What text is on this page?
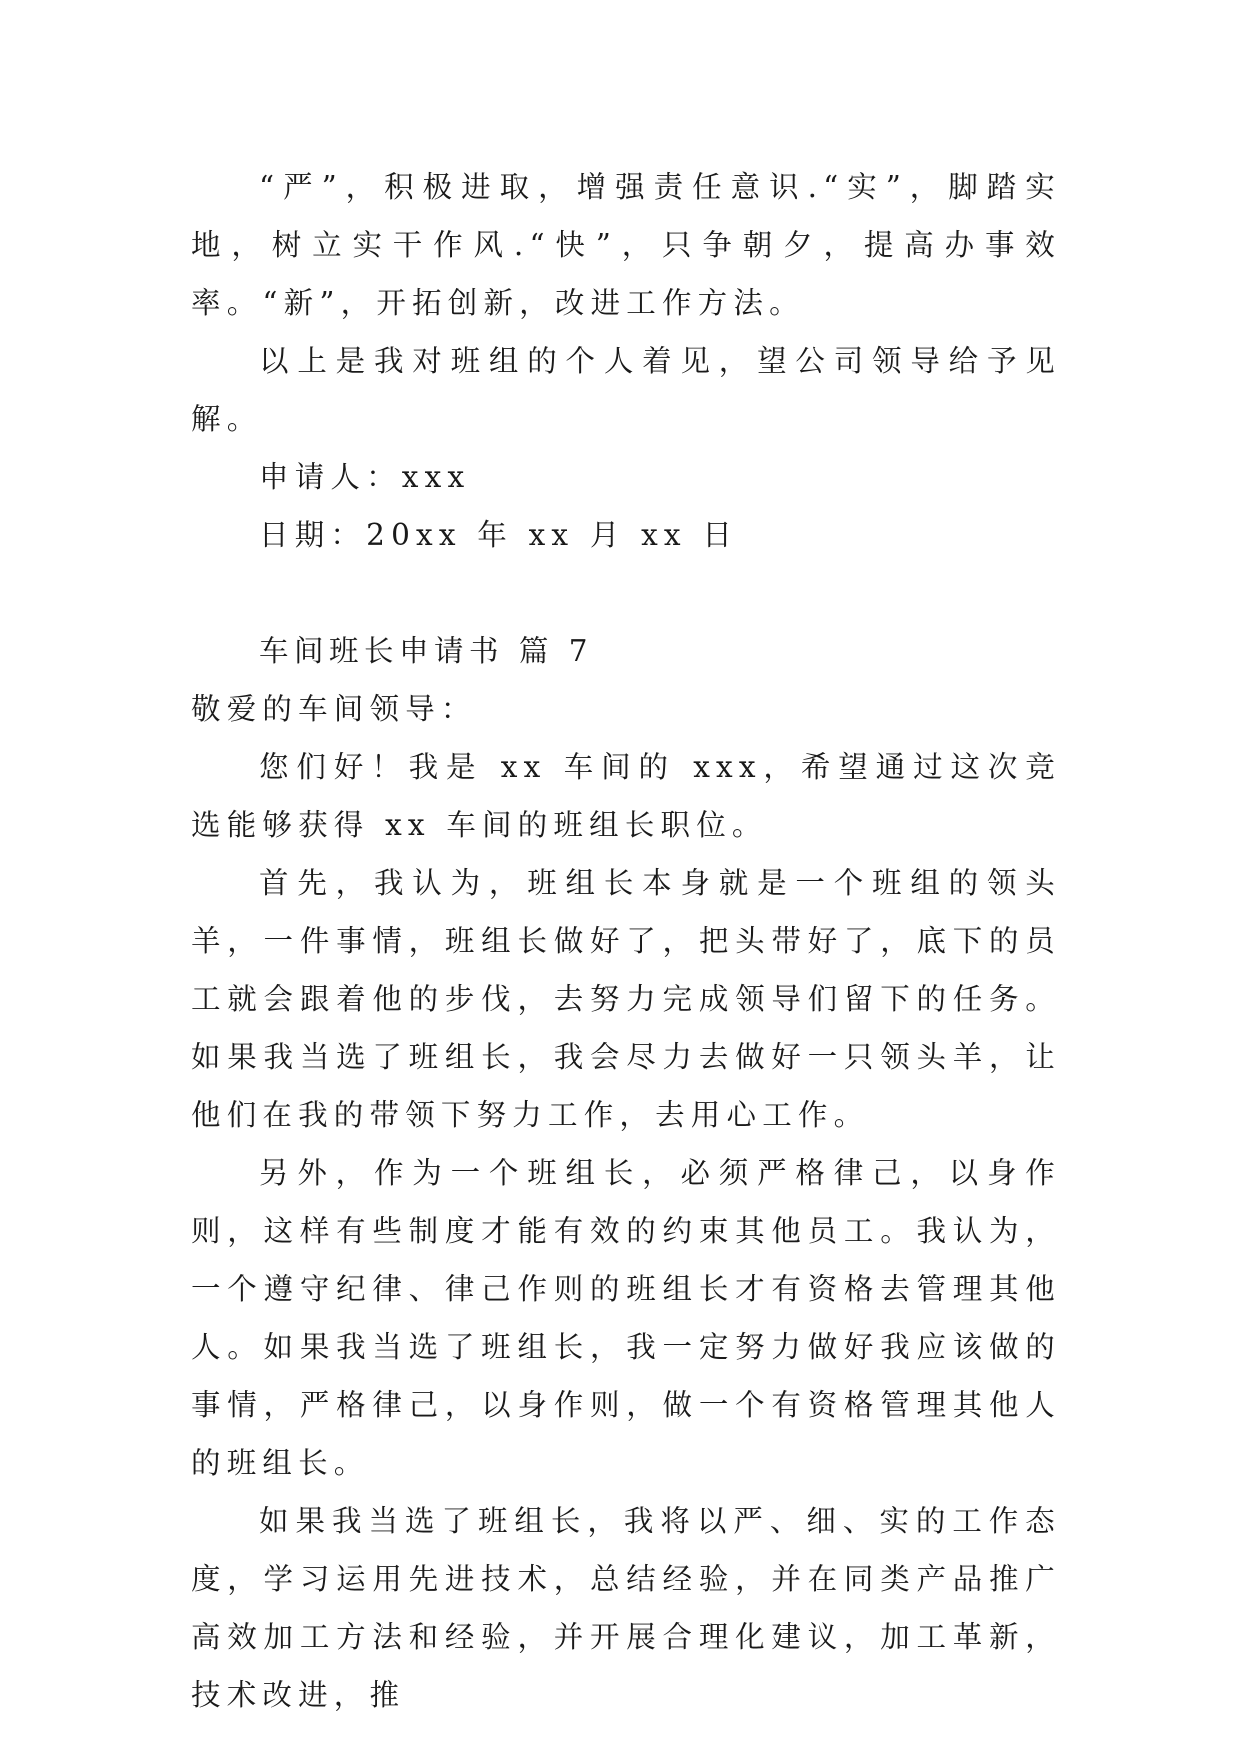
“严”，积极进取，增强责任意识.“实”，脚踏实地，树立实干作风.“快”，只争朝夕，提高办事效率。“新”，开拓创新，改进工作方法。

以上是我对班组的个人着见，望公司领导给予见解。

申请人：xxx

日期：20xx 年 xx 月 xx 日

车间班长申请书 篇 7

敬爱的车间领导：

您们好！我是 xx 车间的 xxx，希望通过这次竞选能够获得 xx 车间的班组长职位。

首先，我认为，班组长本身就是一个班组的领头羊，一件事情，班组长做好了，把头带好了，底下的员工就会跟着他的步伐，去努力完成领导们留下的任务。如果我当选了班组长，我会尽力去做好一只领头羊，让他们在我的带领下努力工作，去用心工作。

另外，作为一个班组长，必须严格律己，以身作则，这样有些制度才能有效的约束其他员工。我认为，一个遵守纪律、律己作则的班组长才有资格去管理其他人。如果我当选了班组长，我一定努力做好我应该做的事情，严格律己，以身作则，做一个有资格管理其他人的班组长。

如果我当选了班组长，我将以严、细、实的工作态度，学习运用先进技术，总结经验，并在同类产品推广高效加工方法和经验，并开展合理化建议，加工革新，技术改进，推
